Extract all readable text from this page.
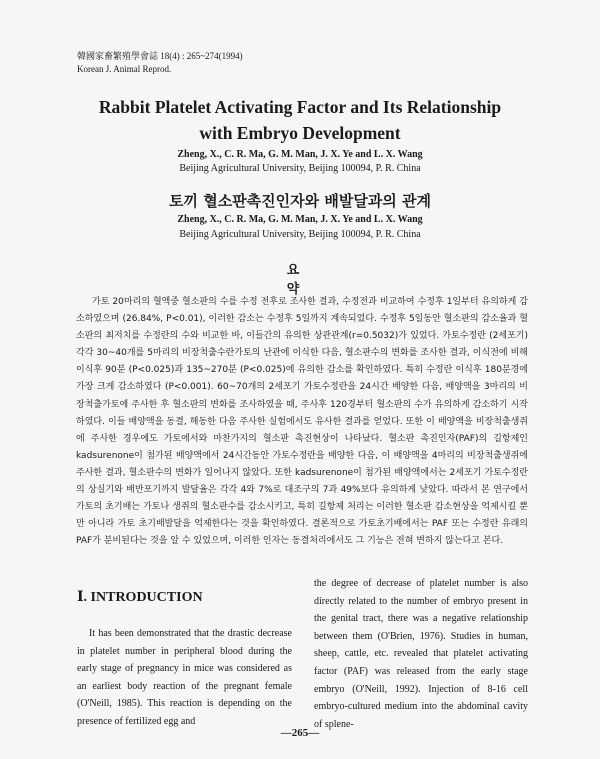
韓國家畜繁殖學會誌 18(4) : 265~274(1994)
Korean J. Animal Reprod.
Rabbit Platelet Activating Factor and Its Relationship
with Embryo Development
Zheng, X., C. R. Ma, G. M. Man, J. X. Ye and L. X. Wang
Beijing Agricultural University, Beijing 100094, P. R. China
토끼 혈소판촉진인자와 배발달과의 관계
Zheng, X., C. R. Ma, G. M. Man, J. X. Ye and L. X. Wang
Beijing Agricultural University, Beijing 100094, P. R. China
요 약

가토 20마리의 혈액중 혈소판의 수를 수정 전후로 조사한 결과, 수정전과 비교하여 수정후 1일부터 유의하게 감소하였으며 (26.84%, P<0.01), 이러한 감소는 수정후 5일까지 계속되었다. 수정후 5일동안 혈소판의 감소율과 혈소판의 최저치를 수정란의 수와 비교한 바, 이들간의 유의한 상관관계(r=0.5032)가 있었다. 가토수정란 (2세포기) 각각 30~40개를 5마리의 비장척출수란가토의 난관에 이식한 다음, 혈소판수의 변화를 조사한 결과, 이식전에 비해 이식후 90분 (P<0.025)과 135~270분 (P<0.025)에 유의한 감소를 확인하였다. 특히 수정란 이식후 180분경에 가장 크게 감소하였다 (P<0.001). 60~70개의 2세포기 가토수정란을 24시간 배양한 다음, 배양액을 3마리의 비장척출가토에 주사한 후 혈소판의 변화를 조사하였을 때, 주사후 120경부터 혈소판의 수가 유의하게 감소하기 시작하였다. 이들 배양액을 동결, 해동한 다음 주사한 실험에서도 유사한 결과를 얻었다. 또한 이 배양액을 비장척출생쥐에 주사한 경우에도 가토에서와 마찬가지의 혈소판 촉진현상이 나타났다. 혈소판 촉진인자(PAF)의 길항제인 kadsurenone이 첨가된 배양액에서 24시간동안 가토수정란을 배양한 다음, 이 배양액을 4마리의 비장척출생쥐에 주사한 결과, 혈소판수의 변화가 일어나지 않았다. 또한 kadsurenone이 첨가된 배양액에서는 2세포기 가토수정란의 상실기와 배반포기까지 발달율은 각각 4와 7%로 대조구의 7과 49%보다 유의하게 낮았다. 따라서 본 연구에서 가토의 초기배는 가토나 생쥐의 혈소판수를 감소시키고, 특히 길항제 처리는 이러한 혈소판 감소현상을 억제시킬 뿐만 아니라 가토 초기배발달을 억제한다는 것을 확인하였다. 결론적으로 가토초기배에서는 PAF 또는 수정란 유래의 PAF가 분비된다는 것을 알 수 있었으며, 이러한 인자는 동결처리에서도 그 기능은 전혀 변하지 않는다고 본다.

Ⅰ. INTRODUCTION

It has been demonstrated that the drastic decrease in platelet number in peripheral blood during the early stage of pregnancy in mice was considered as an earliest body reaction of the pregnant female (O'Neill, 1985). This reaction is depending on the presence of fertilized egg and

the degree of decrease of platelet number is also directly related to the number of embryo present in the genital tract, there was a negative relationship between them (O'Brien, 1976). Studies in human, sheep, cattle, etc. revealed that platelet activating factor (PAF) was released from the early stage embryo (O'Neill, 1992). Injection of 8-16 cell embryo-cultured medium into the abdominal cavity of splene-

—265—
